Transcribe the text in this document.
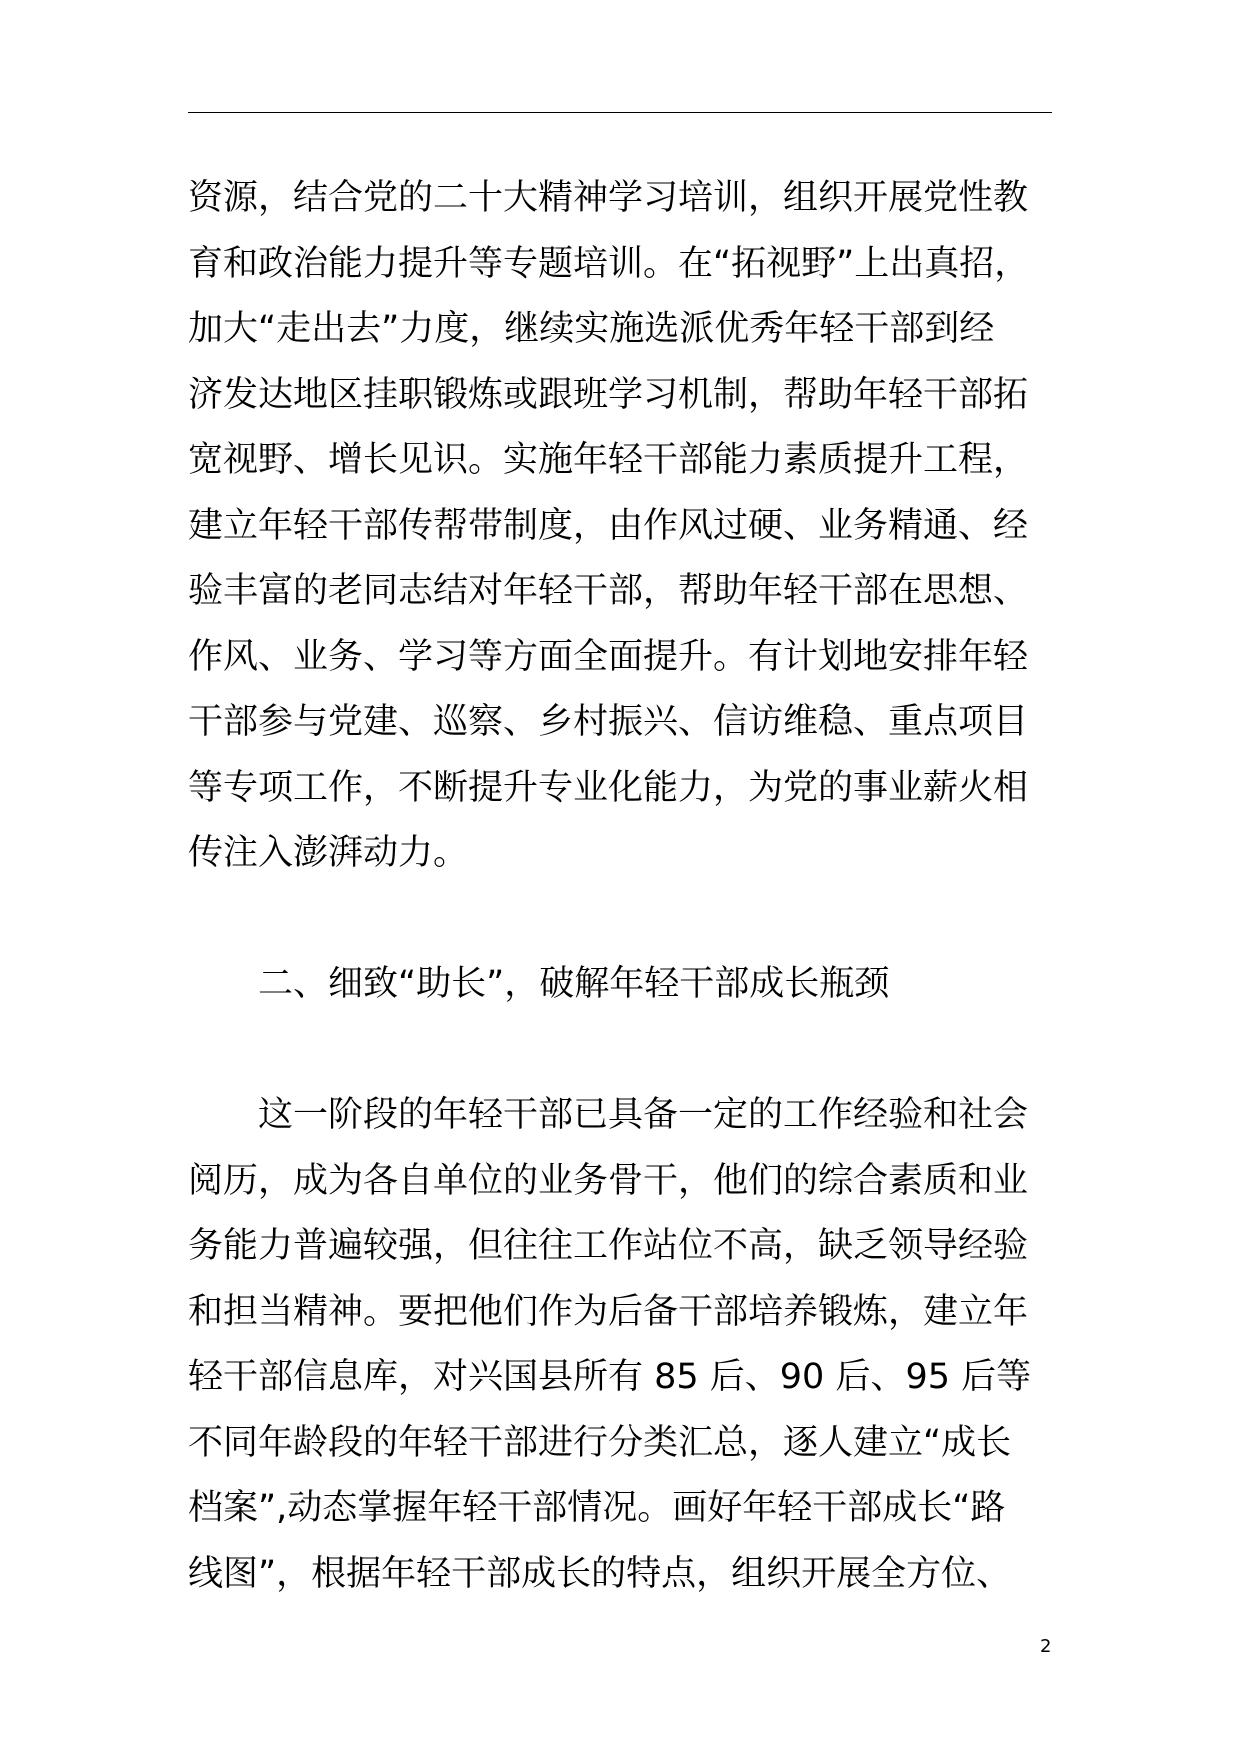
资源，结合党的二十大精神学习培训，组织开展党性教
育和政治能力提升等专题培训。在“拓视野”上出真招，
加大“走出去”力度，继续实施选派优秀年轻干部到经
济发达地区挂职锻炼或跟班学习机制，帮助年轻干部拓
宽视野、增长见识。实施年轻干部能力素质提升工程，
建立年轻干部传帮带制度，由作风过硬、业务精通、经
验丰富的老同志结对年轻干部，帮助年轻干部在思想、
作风、业务、学习等方面全面提升。有计划地安排年轻
干部参与党建、巡察、乡村振兴、信访维稳、重点项目
等专项工作，不断提升专业化能力，为党的事业薪火相
传注入澎湃动力。
二、细致“助长”，破解年轻干部成长瓶颈
这一阶段的年轻干部已具备一定的工作经验和社会
阅历，成为各自单位的业务骨干，他们的综合素质和业
务能力普遍较强，但往往工作站位不高，缺乏领导经验
和担当精神。要把他们作为后备干部培养锻炼，建立年
轻干部信息库，对兴国县所有 85 后、90 后、95 后等
不同年龄段的年轻干部进行分类汇总，逐人建立“成长
档案”,动态掌握年轻干部情况。画好年轻干部成长“路
线图”，根据年轻干部成长的特点，组织开展全方位、
2
